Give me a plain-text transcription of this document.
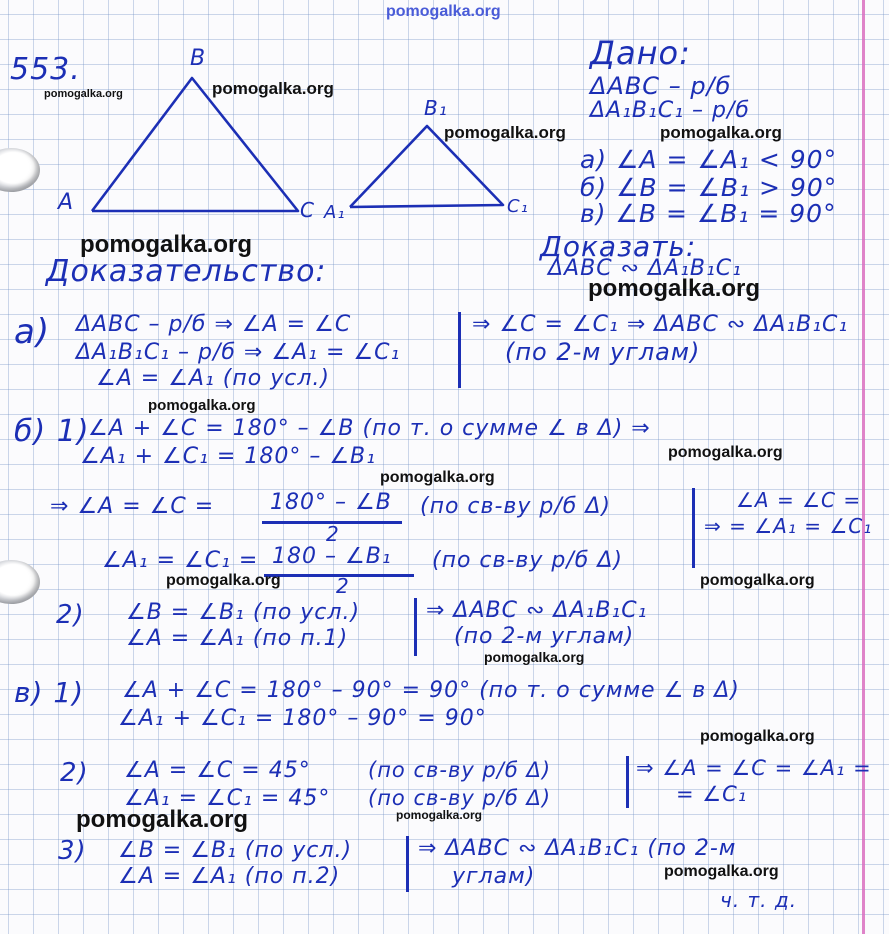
pomogalka.org
553.	B
A	C A₁
B₁
C₁
Дано:
ΔABC – р/б
ΔA₁B₁C₁ – р/б
а) ∠A = ∠A₁ < 90°
б) ∠B = ∠B₁ > 90°
в) ∠B = ∠B₁ = 90°
Доказать:
ΔABC ∾ ΔA₁B₁C₁
Доказательство:
а) ΔABC – р/б ⇒ ∠A = ∠C
ΔA₁B₁C₁ – р/б ⇒ ∠A₁ = ∠C₁
∠A = ∠A₁ (по усл.)
⇒ ∠C = ∠C₁ ⇒ ΔABC ∾ ΔA₁B₁C₁
(по 2-м углам)
б) 1)
∠A + ∠C = 180° – ∠B (по т. о сумме ∠ в Δ) ⇒
∠A₁ + ∠C₁ = 180° – ∠B₁
⇒ ∠A = ∠C =	180° – ∠B
2
(по св-ву р/б Δ)
∠A₁ = ∠C₁ = 180 – ∠B₁
2
(по св-ву р/б Δ)
∠A = ∠C =
⇒ = ∠A₁ = ∠C₁
2) ∠B = ∠B₁ (по усл.)
∠A = ∠A₁ (по п.1)
⇒ ΔABC ∾ ΔA₁B₁C₁
(по 2-м углам)
в) 1) ∠A + ∠C = 180° – 90° = 90° (по т. о сумме ∠ в Δ)
∠A₁ + ∠C₁ = 180° – 90° = 90°
2) ∠A = ∠C = 45°	(по св-ву р/б Δ)
∠A₁ = ∠C₁ = 45° (по св-ву р/б Δ)
⇒ ∠A = ∠C = ∠A₁ =
= ∠C₁
3) ∠B = ∠B₁ (по усл.)
∠A = ∠A₁ (по п.2)
⇒ ΔABC ∾ ΔA₁B₁C₁ (по 2-м
углам)
ч. т. д.
pomogalka.org	pomogalka.org
pomogalka.org	pomogalka.org
pomogalka.org
pomogalka.org
pomogalka.org
pomogalka.org
pomogalka.org
pomogalka.org	pomogalka.org
pomogalka.org
pomogalka.org
pomogalka.org
pomogalka.org
pomogalka.org
